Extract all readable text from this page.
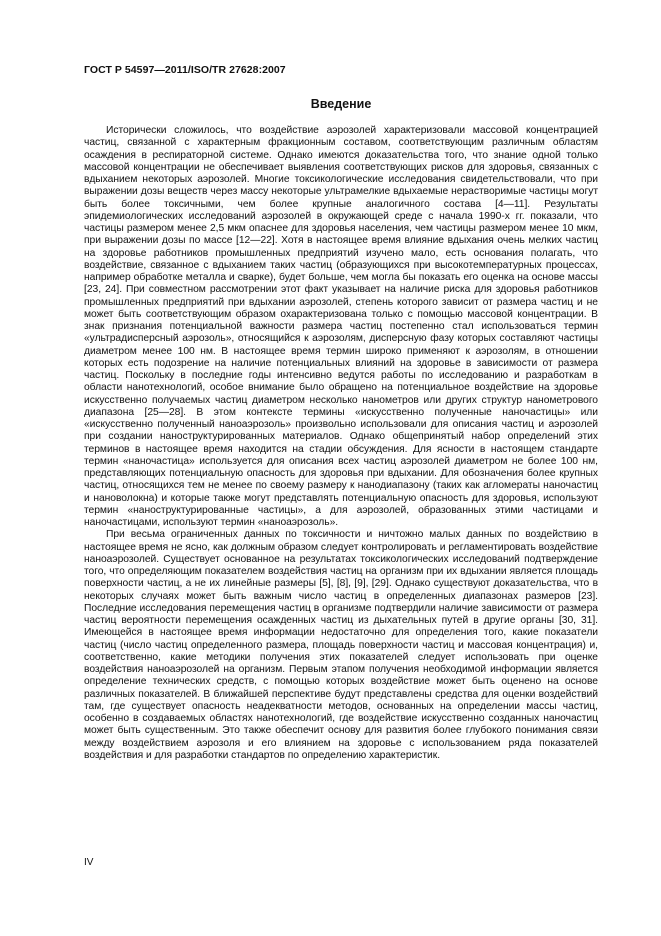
ГОСТ Р 54597—2011/ISO/TR 27628:2007
Введение

Исторически сложилось, что воздействие аэрозолей характеризовали массовой концентрацией частиц, связанной с характерным фракционным составом, соответствующим различным областям осаждения в респираторной системе. Однако имеются доказательства того, что знание одной только массовой концентрации не обеспечивает выявления соответствующих рисков для здоровья, связанных с вдыханием некоторых аэрозолей. Многие токсикологические исследования свидетельствовали, что при выражении дозы веществ через массу некоторые ультрамелкие вдыхаемые нерастворимые частицы могут быть более токсичными, чем более крупные аналогичного состава [4—11]. Результаты эпидемиологических исследований аэрозолей в окружающей среде с начала 1990-х гг. показали, что частицы размером менее 2,5 мкм опаснее для здоровья населения, чем частицы размером менее 10 мкм, при выражении дозы по массе [12—22]. Хотя в настоящее время влияние вдыхания очень мелких частиц на здоровье работников промышленных предприятий изучено мало, есть основания полагать, что воздействие, связанное с вдыханием таких частиц (образующихся при высокотемпературных процессах, например обработке металла и сварке), будет больше, чем могла бы показать его оценка на основе массы [23, 24]. При совместном рассмотрении этот факт указывает на наличие риска для здоровья работников промышленных предприятий при вдыхании аэрозолей, степень которого зависит от размера частиц и не может быть соответствующим образом охарактеризована только с помощью массовой концентрации. В знак признания потенциальной важности размера частиц постепенно стал использоваться термин «ультрадисперсный аэрозоль», относящийся к аэрозолям, дисперсную фазу которых составляют частицы диаметром менее 100 нм. В настоящее время термин широко применяют к аэрозолям, в отношении которых есть подозрение на наличие потенциальных влияний на здоровье в зависимости от размера частиц. Поскольку в последние годы интенсивно ведутся работы по исследованию и разработкам в области нанотехнологий, особое внимание было обращено на потенциальное воздействие на здоровье искусственно получаемых частиц диаметром несколько нанометров или других структур нанометрового диапазона [25—28]. В этом контексте термины «искусственно полученные наночастицы» или «искусственно полученный наноаэрозоль» произвольно использовали для описания частиц и аэрозолей при создании наноструктурированных материалов. Однако общепринятый набор определений этих терминов в настоящее время находится на стадии обсуждения. Для ясности в настоящем стандарте термин «наночастица» используется для описания всех частиц аэрозолей диаметром не более 100 нм, представляющих потенциальную опасность для здоровья при вдыхании. Для обозначения более крупных частиц, относящихся тем не менее по своему размеру к нанодиапазону (таких как агломераты наночастиц и нановолокна) и которые также могут представлять потенциальную опасность для здоровья, используют термин «наноструктурированные частицы», а для аэрозолей, образованных этими частицами и наночастицами, используют термин «наноаэрозоль».

При весьма ограниченных данных по токсичности и ничтожно малых данных по воздействию в настоящее время не ясно, как должным образом следует контролировать и регламентировать воздействие наноаэрозолей. Существует основанное на результатах токсикологических исследований подтверждение того, что определяющим показателем воздействия частиц на организм при их вдыхании является площадь поверхности частиц, а не их линейные размеры [5], [8], [9], [29]. Однако существуют доказательства, что в некоторых случаях может быть важным число частиц в определенных диапазонах размеров [23]. Последние исследования перемещения частиц в организме подтвердили наличие зависимости от размера частиц вероятности перемещения осажденных частиц из дыхательных путей в другие органы [30, 31]. Имеющейся в настоящее время информации недостаточно для определения того, какие показатели частиц (число частиц определенного размера, площадь поверхности частиц и массовая концентрация) и, соответственно, какие методики получения этих показателей следует использовать при оценке воздействия наноаэрозолей на организм. Первым этапом получения необходимой информации является определение технических средств, с помощью которых воздействие может быть оценено на основе различных показателей. В ближайшей перспективе будут представлены средства для оценки воздействий там, где существует опасность неадекватности методов, основанных на определении массы частиц, особенно в создаваемых областях нанотехнологий, где воздействие искусственно созданных наночастиц может быть существенным. Это также обеспечит основу для развития более глубокого понимания связи между воздействием аэрозоля и его влиянием на здоровье с использованием ряда показателей воздействия и для разработки стандартов по определению характеристик.

IV
